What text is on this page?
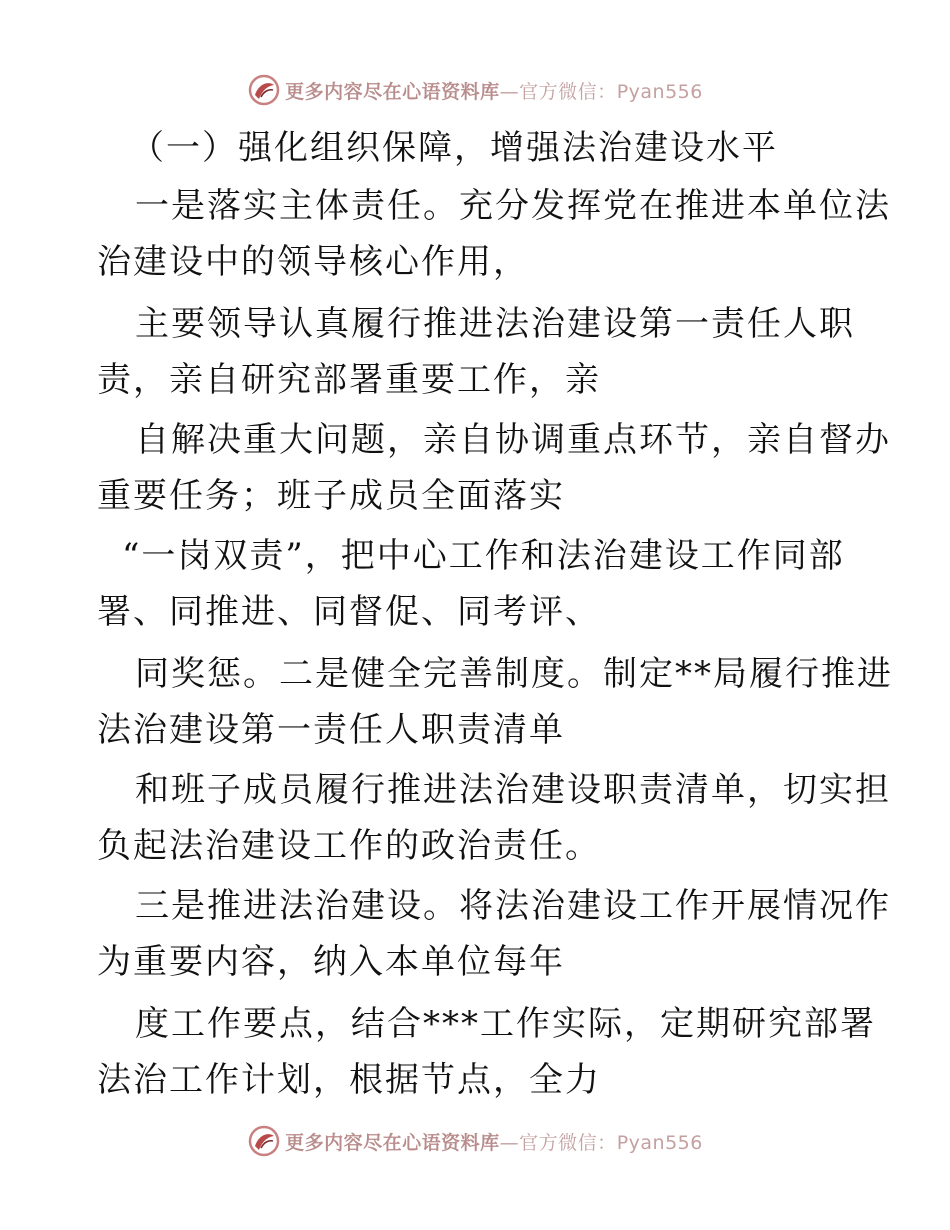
更多内容尽在心语资料库—官方微信：Pyan556
（一）强化组织保障，增强法治建设水平
一是落实主体责任。充分发挥党在推进本单位法
治建设中的领导核心作用，
主要领导认真履行推进法治建设第一责任人职
责，亲自研究部署重要工作，亲
自解决重大问题，亲自协调重点环节，亲自督办
重要任务；班子成员全面落实
“一岗双责”，把中心工作和法治建设工作同部
署、同推进、同督促、同考评、
同奖惩。二是健全完善制度。制定**局履行推进
法治建设第一责任人职责清单
和班子成员履行推进法治建设职责清单，切实担
负起法治建设工作的政治责任。
三是推进法治建设。将法治建设工作开展情况作
为重要内容，纳入本单位每年
度工作要点，结合***工作实际，定期研究部署
法治工作计划，根据节点，全力
更多内容尽在心语资料库—官方微信：Pyan556
